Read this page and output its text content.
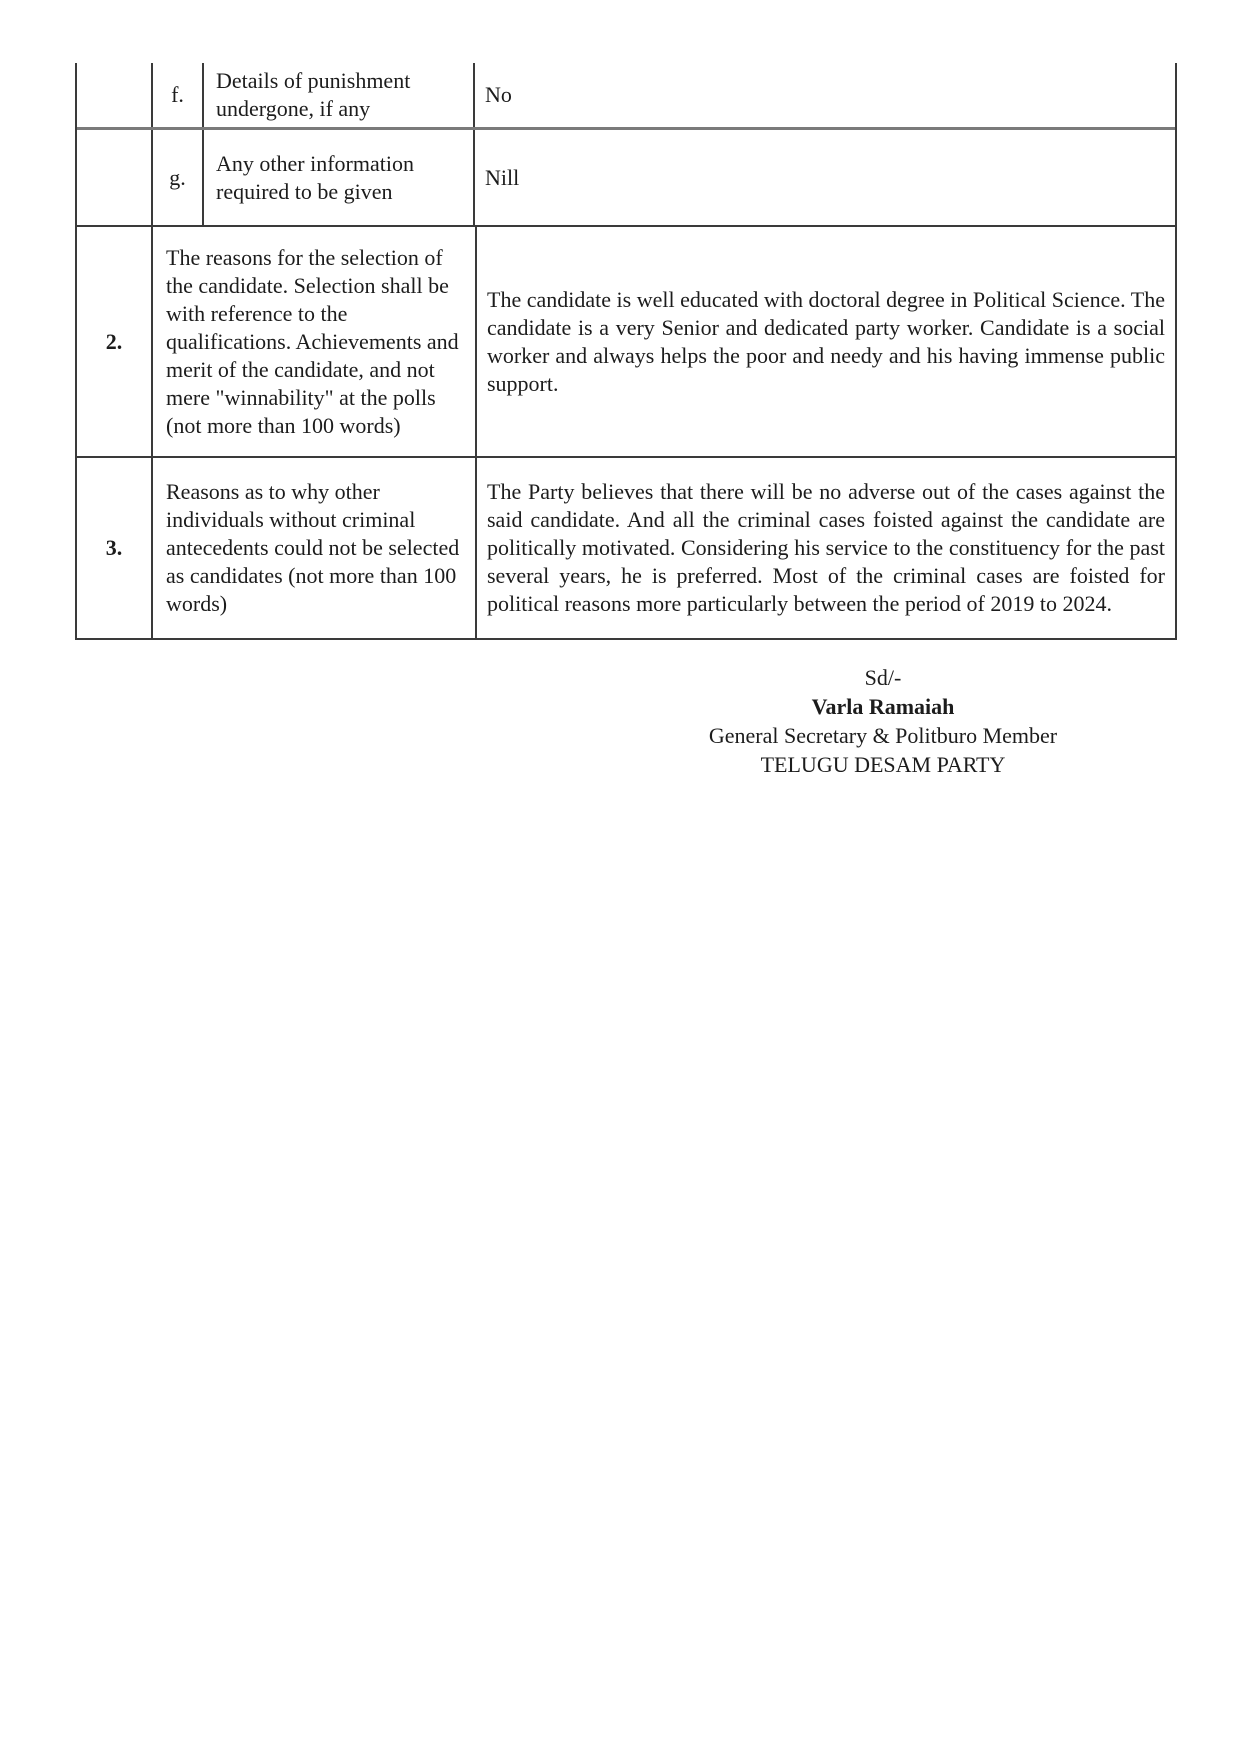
f.
Details of punishment undergone, if any
No
g.
Any other information required to be given
Nill
2.
The reasons for the selection of the candidate. Selection shall be with reference to the qualifications. Achievements and merit of the candidate, and not mere "winnability" at the polls (not more than 100 words)
The candidate is well educated with doctoral degree in Political Science. The candidate is a very Senior and dedicated party worker. Candidate is a social worker and always helps the poor and needy and his having immense public support.
3.
Reasons as to why other individuals without criminal antecedents could not be selected as candidates (not more than 100 words)
The Party believes that there will be no adverse out of the cases against the said candidate. And all the criminal cases foisted against the candidate are politically motivated. Considering his service to the constituency for the past several years, he is preferred. Most of the criminal cases are foisted for political reasons more particularly between the period of 2019 to 2024.
Sd/-
Varla Ramaiah
General Secretary & Politburo Member
TELUGU DESAM PARTY
